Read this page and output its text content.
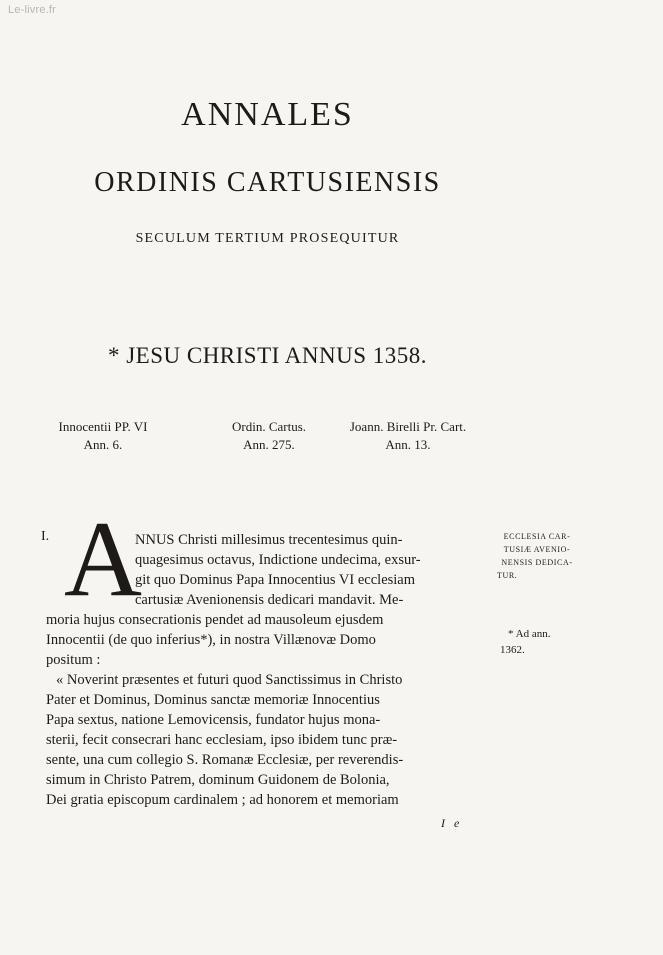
Le-livre.fr
ANNALES
ORDINIS CARTUSIENSIS
SECULUM TERTIUM PROSEQUITUR
* JESU CHRISTI ANNUS 1358.
Innocentii PP. VI
Ann. 6.
Ordin. Cartus.
Ann. 275.
Joann. Birelli Pr. Cart.
Ann. 13.
I. A
NNUS Christi millesimus trecentesimus quin-
quagesimus octavus, Indictione undecima, exsur-
git quo Dominus Papa Innocentius VI ecclesiam
cartusiæ Avenionensis dedicari mandavit. Me-
moria hujus consecrationis pendet ad mausoleum ejusdem
Innocentii (de quo inferius*), in nostra Villænovæ Domo
positum :
« Noverint præsentes et futuri quod Sanctissimus in Christo
Pater et Dominus, Dominus sanctæ memoriæ Innocentius
Papa sextus, natione Lemovicensis, fundator hujus mona-
sterii, fecit consecrari hanc ecclesiam, ipso ibidem tunc præ-
sente, una cum collegio S. Romanæ Ecclesiæ, per reverendis-
simum in Christo Patrem, dominum Guidonem de Bolonia,
Dei gratia episcopum cardinalem ; ad honorem et memoriam
ECCLESIA CAR-
TUSIÆ AVENIO-
NENSIS DEDICA-
TUR.
* Ad ann.
1362.
I e
